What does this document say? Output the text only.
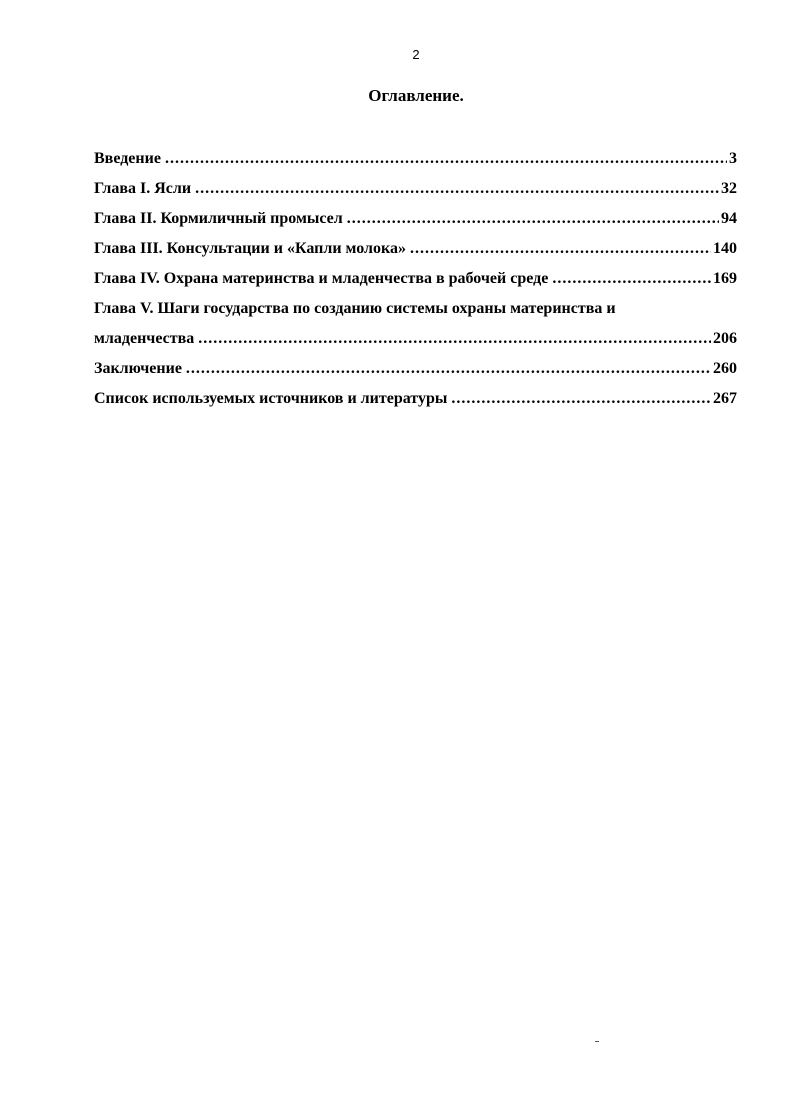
2
Оглавление.
Введение .....	3
Глава I. Ясли .....	32
Глава II. Кормиличный промысел .....	94
Глава III. Консультации и «Капли молока» .....	140
Глава IV. Охрана материнства и младенчества в рабочей среде .....	169
Глава V. Шаги государства по созданию системы охраны материнства и
младенчества .....	206
Заключение .....	260
Список используемых источников и литературы .....	267
